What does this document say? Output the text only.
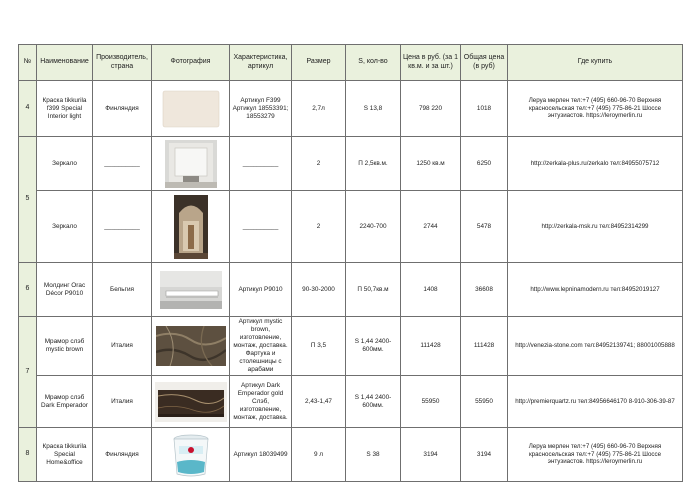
№	Наименование	Производитель, страна	Фотография	Характеристика, артикул	Размер	S, кол-во	Цена в руб. (за 1 кв.м. и за шт.)	Общая цена (в руб)	Где купить
4	Краска tikkurila f399 Special Interior light	Финляндия		Артикул F399 Артикул 18553391; 18553279	2,7л	S 13,8	798 220	1018	Леруа мерлен тел:+7 (495) 660-96-70 Верхняя красносельская тел:+7 (495) 775-86-21 Шоссе энтузиастов. https://leroymerlin.ru
5	Зеркало	__________		__________	2	П 2,5кв.м.	1250 кв.м	6250	http://zerkala-plus.ru/zerkalo тел:84955075712
	Зеркало	__________		__________	2	2240-700	2744	5478	http://zerkala-msk.ru тел:84952314299
6	Молдинг Orac Décor P9010	Бельгия		Артикул P9010	90-30-2000	П 50,7кв.м	1408	36608	http://www.lepninamodern.ru тел:84952019127
7	Мрамор слэб mystic brown	Италия		Артикул mystic brown, изготовление, монтаж, доставка. Фартука и столешницы с арабами	П 3,5	S 1,44 2400-600мм.	111428	111428	http://venezia-stone.com тел:84952139741; 88001005888
	Мрамор слэб Dark Emperador	Италия		Артикул Dark Emperador gold Слэб, изготовление, монтаж, доставка.	2,43-1,47	S 1,44 2400-600мм.	55950	55950	http://premierquartz.ru тел:84956646170 8-910-306-39-87
8	Краска tikkurila Special Home&office	Финляндия		Артикул 18039499	9 л	S 38	3194	3194	Леруа мерлен тел:+7 (495) 660-96-70 Верхняя красносельская тел:+7 (495) 775-86-21 Шоссе энтузиастов. https://leroymerlin.ru
